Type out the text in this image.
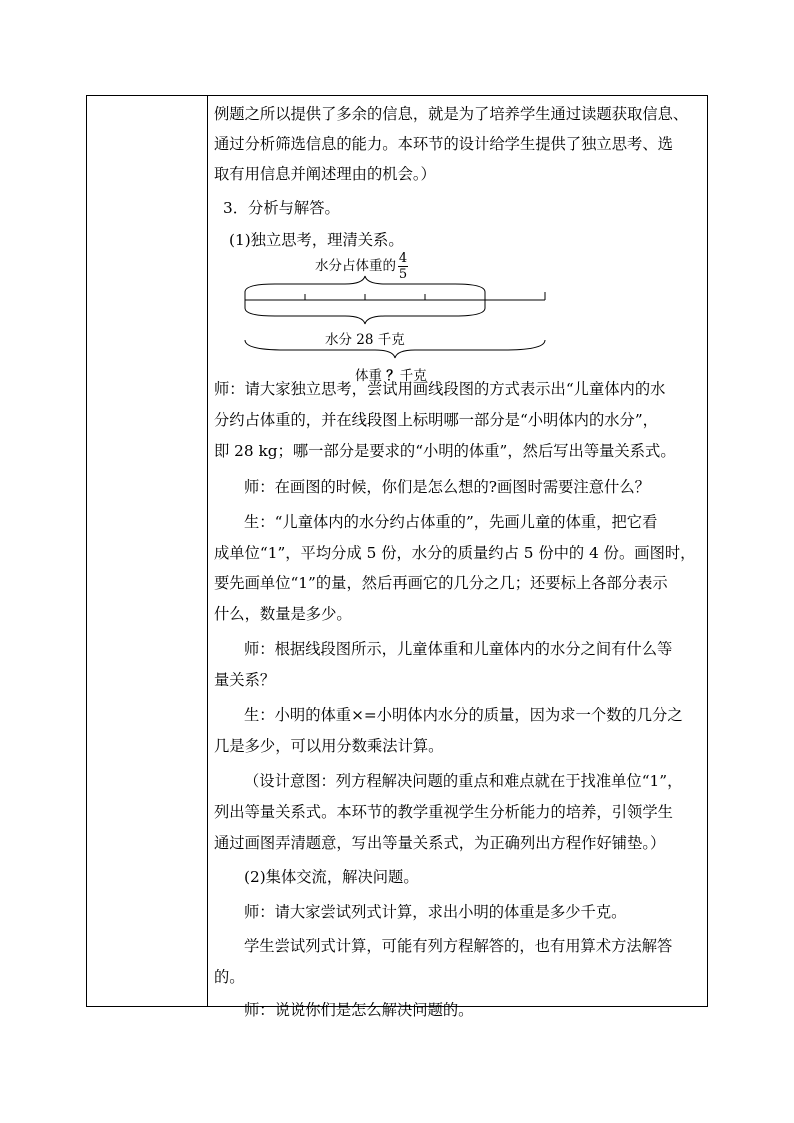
例题之所以提供了多余的信息，就是为了培养学生通过读题获取信息、
通过分析筛选信息的能力。本环节的设计给学生提供了独立思考、选
取有用信息并阐述理由的机会。）
3．分析与解答。
(1)独立思考，理清关系。
师：请大家独立思考，尝试用画线段图的方式表示出“儿童体内的水
分约占体重的，并在线段图上标明哪一部分是“小明体内的水分”，
即 28 kg；哪一部分是要求的“小明的体重”，然后写出等量关系式。
师：在画图的时候，你们是怎么想的?画图时需要注意什么？
生：“儿童体内的水分约占体重的”，先画儿童的体重，把它看
成单位“1”，平均分成 5 份，水分的质量约占 5 份中的 4 份。画图时，
要先画单位“1”的量，然后再画它的几分之几；还要标上各部分表示
什么，数量是多少。
师：根据线段图所示，儿童体重和儿童体内的水分之间有什么等
量关系？
生：小明的体重×=小明体内水分的质量，因为求一个数的几分之
几是多少，可以用分数乘法计算。
（设计意图：列方程解决问题的重点和难点就在于找准单位“1”，
列出等量关系式。本环节的教学重视学生分析能力的培养，引领学生
通过画图弄清题意，写出等量关系式，为正确列出方程作好铺垫。）
(2)集体交流，解决问题。
师：请大家尝试列式计算，求出小明的体重是多少千克。
学生尝试列式计算，可能有列方程解答的，也有用算术方法解答
的。
师：说说你们是怎么解决问题的。
水分占体重的 $\frac{4}{5}$
水分 28 千克
体重 ？千克
